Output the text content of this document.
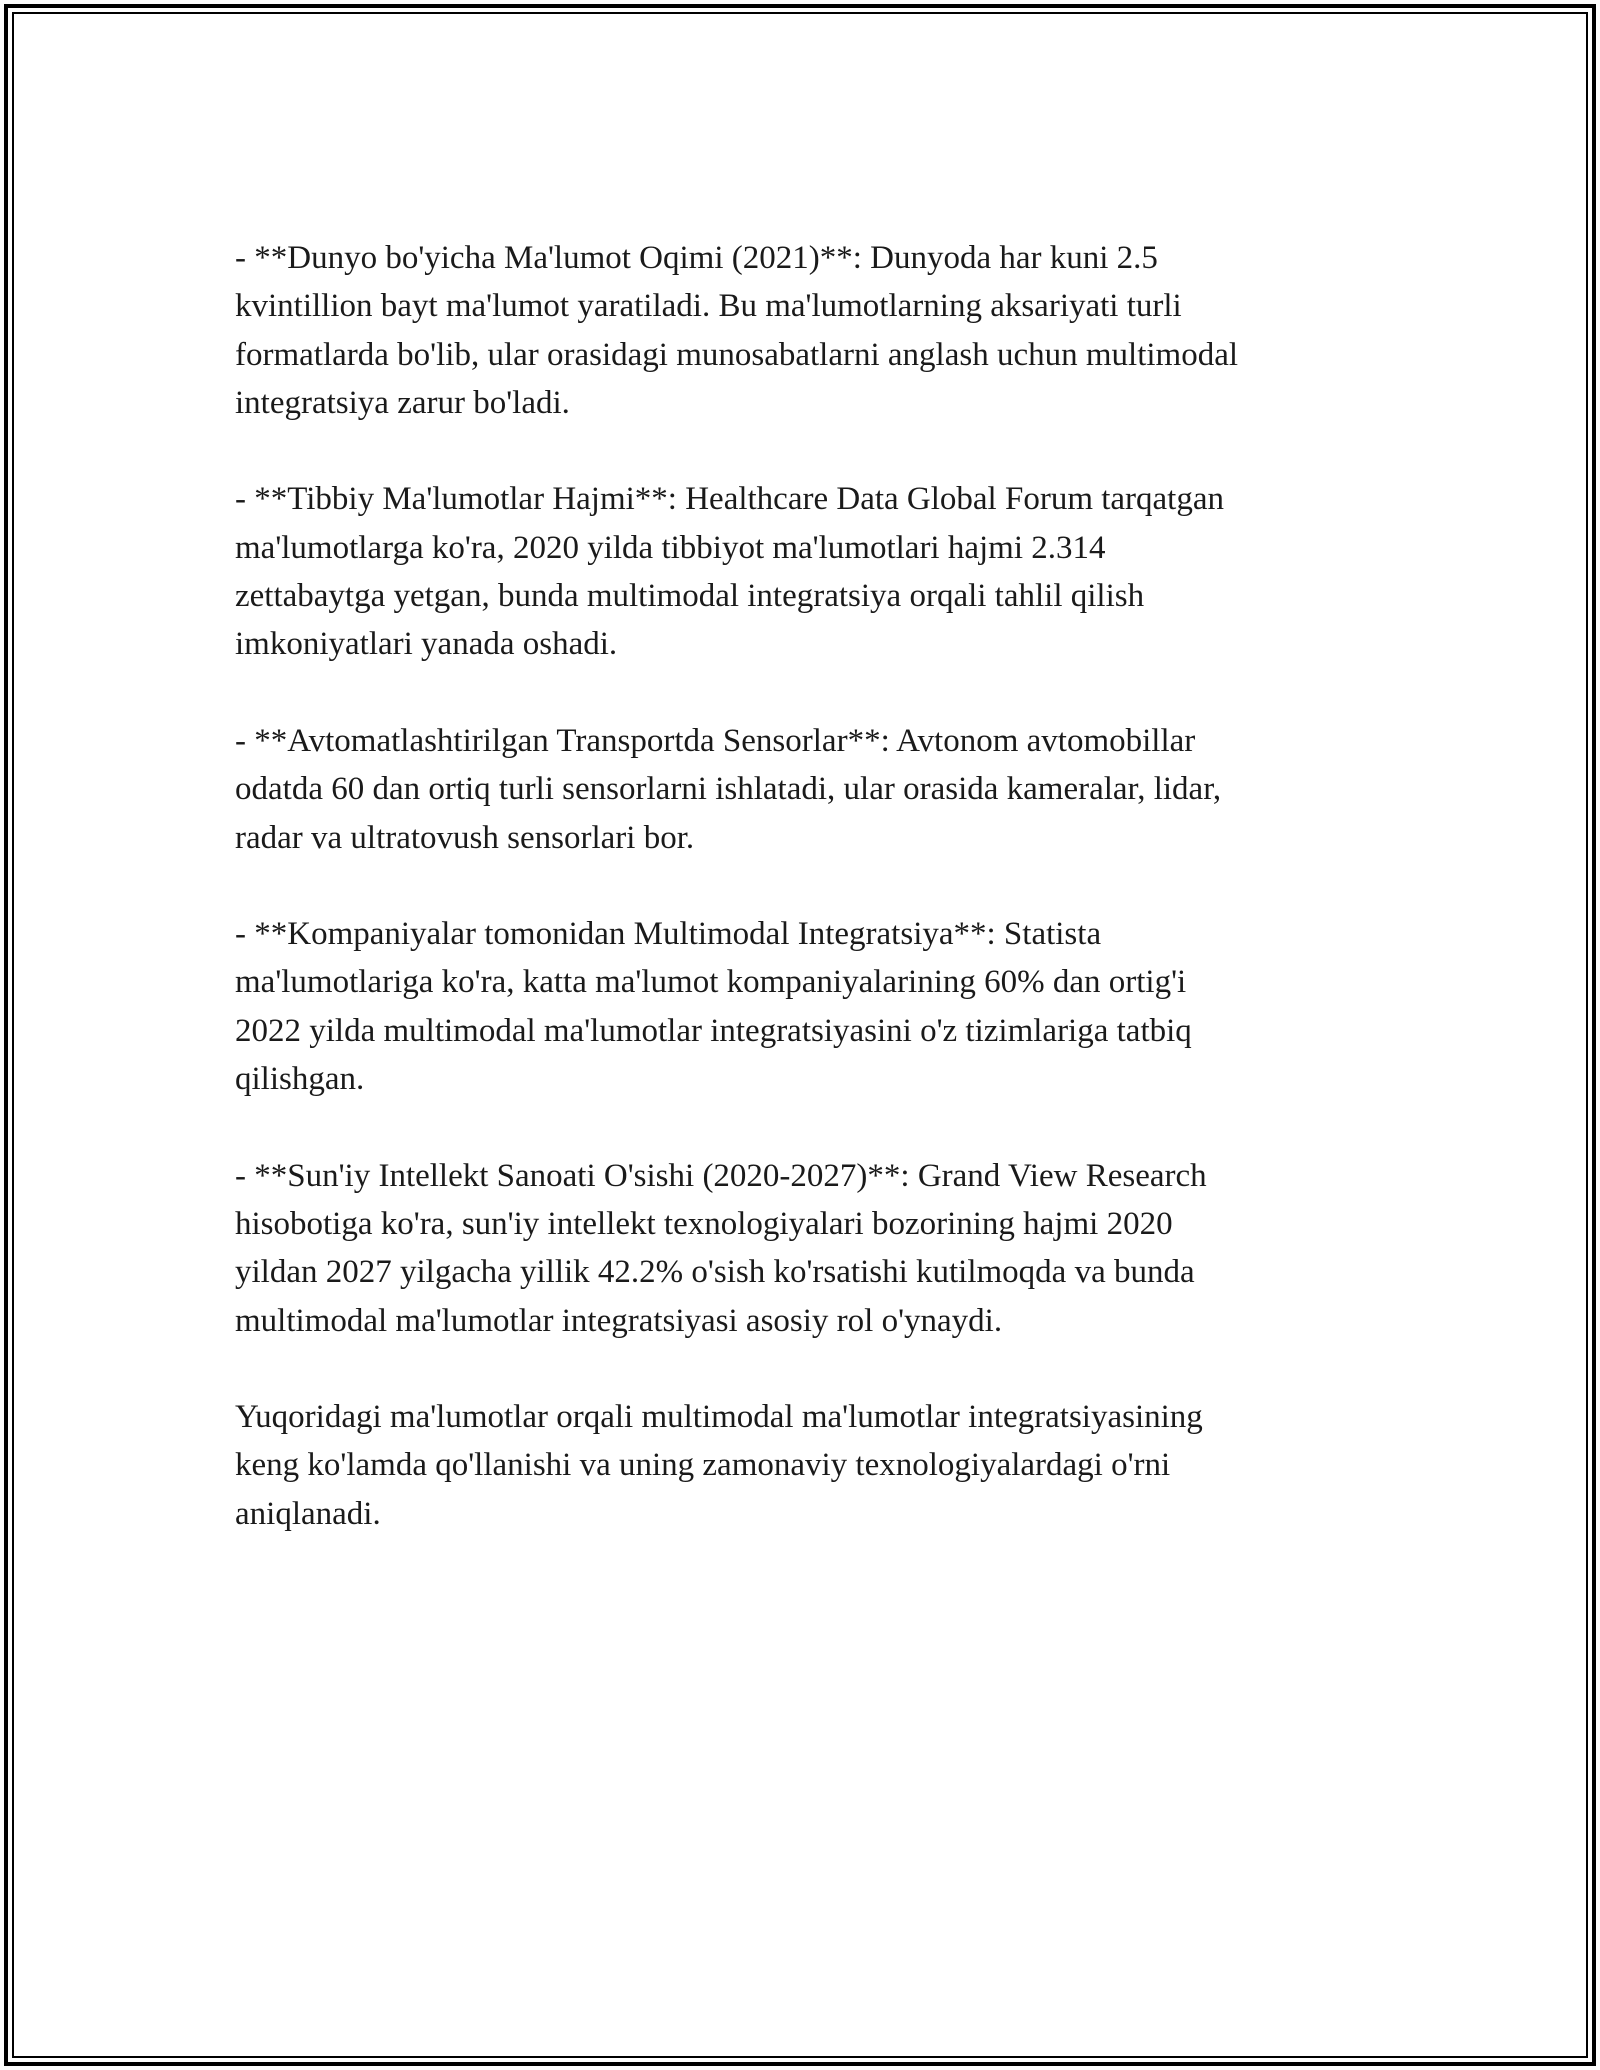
- **Dunyo bo'yicha Ma'lumot Oqimi (2021)**: Dunyoda har kuni 2.5
kvintillion bayt ma'lumot yaratiladi. Bu ma'lumotlarning aksariyati turli
formatlarda bo'lib, ular orasidagi munosabatlarni anglash uchun multimodal
integratsiya zarur bo'ladi.

- **Tibbiy Ma'lumotlar Hajmi**: Healthcare Data Global Forum tarqatgan
ma'lumotlarga ko'ra, 2020 yilda tibbiyot ma'lumotlari hajmi 2.314
zettabaytga yetgan, bunda multimodal integratsiya orqali tahlil qilish
imkoniyatlari yanada oshadi.

- **Avtomatlashtirilgan Transportda Sensorlar**: Avtonom avtomobillar
odatda 60 dan ortiq turli sensorlarni ishlatadi, ular orasida kameralar, lidar,
radar va ultratovush sensorlari bor.

- **Kompaniyalar tomonidan Multimodal Integratsiya**: Statista
ma'lumotlariga ko'ra, katta ma'lumot kompaniyalarining 60% dan ortig'i
2022 yilda multimodal ma'lumotlar integratsiyasini o'z tizimlariga tatbiq
qilishgan.

- **Sun'iy Intellekt Sanoati O'sishi (2020-2027)**: Grand View Research
hisobotiga ko'ra, sun'iy intellekt texnologiyalari bozorining hajmi 2020
yildan 2027 yilgacha yillik 42.2% o'sish ko'rsatishi kutilmoqda va bunda
multimodal ma'lumotlar integratsiyasi asosiy rol o'ynaydi.

Yuqoridagi ma'lumotlar orqali multimodal ma'lumotlar integratsiyasining
keng ko'lamda qo'llanishi va uning zamonaviy texnologiyalardagi o'rni
aniqlanadi.
